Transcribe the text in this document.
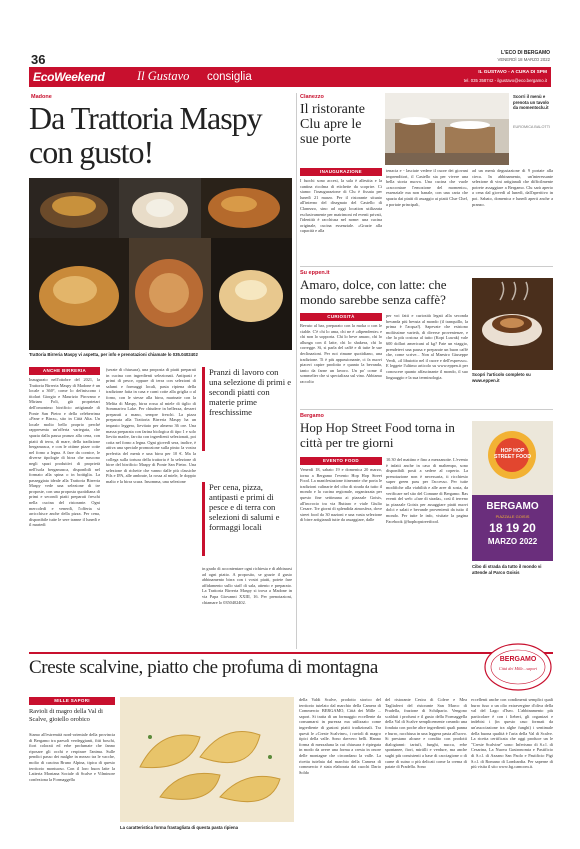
36	L'ECO DI BERGAMO
VENERDÌ 18 MARZO 2022
EcoWeekend	Il Gustavo consiglia	IL GUSTAVO - A CURA DI SPM
tel. 035 358742 - ilgustavo@eco.bergamo.it
Madone
Da Trattoria Maspy con gusto!
Trattoria Birreria Maspy vi aspetta, per info e prenotazioni chiamate lo 035.0402402
ANCHE BIRRERIA
Inaugurato nell'ottobre del 2021, la Trattoria Birreria Maspy di Madone è un locale a 360°, come lo definiscono i titolari Giorgio e Maurizio Pirovano e Miriam Foli, già proprietari dell'omonimo birrificio artigianale di Ponte San Pietro e della celeberrima «Pane e Birra», sito in Città Alta. Un locale molto bello proprio perché rappresenta un'offerta variegata, che spazia dalla pausa pranzo alla cena, con piatti di terra, di mare, della tradizione bergamasca, e con le ottime pizze cotte nel forno a legna. A fare da cornice, le diverse tipologie di birra che nascono negli spazi produttivi di proprietà nell'isola bergamasca, disponibili nel formato alla spina o in bottiglia. La passeggiata ideale alla Trattoria Birreria Maspy vede una selezione di tre proposte, con una proposta quotidiana di primi e secondi piatti preparati freschi nella cucina del ristorante. Ogni mercoledì e venerdì, l'offerta si arricchisce anche della pizza. Per cena, disponibile tutte le sere tranne il lunedì e il martedì
(serate di chiusura), una proposta di piatti preparati in cucina con ingredienti selezionati. Antipasti e primi di pesce, oppure di terra con selezioni di salumi e formaggi locali, pasta ripiena della tradizione fatta in casa e carni cotte alla griglia o al forno, con le stesse alla birra, marinate con la Melita di Maspy, birra rossa al miele di tiglio di Sommariva Lake. Per chiudere in bellezza, dessert preparati a mano, sempre freschi. La pizza preparata alla Trattoria Birreria Maspy ha un impasto leggero, lievitato per almeno 36 ore. Una massa preparata con farina biologica di tipo 1 e solo lievito madre, farcita con ingredienti selezionati, poi cotta nel forno a legna. Ogni giovedì sera, inoltre, è attiva una speciale promozione sulla pinta: la vostra preferita del menù e una birra per 10 €. Ma la collega sulla tortura della trattoria è la selezione di birre del birrificio Maspy di Ponte San Pietro. Una selezione di richette che vanno dalle più classiche Pils e IPA, alle ambrate, la rossa al miele, le doppio malto e la birra scura. Insomma, una selezione
Pranzi di lavoro con una selezione di primi e secondi piatti con materie prime freschissime
Per cena, pizza, antipasti e primi di pesce e di terra con selezioni di salumi e formaggi locali
in grado di accontentare ogni richiesta e di abbinarsi ad ogni piatto. A proposito, se grazie il gusto abbinamento birra con i vostri piatti, potete fare affidamento sullo staff di sala, attento e preparato. La Trattoria Birreria Maspy si trova a Madone in via Papa Giovanni XXIII, 16. Per prenotazioni, chiamare lo 0350402402.
Clanezzo
Il ristorante Clu apre le sue porte
Scorri il menù e prenota un tavolo da momentoclu.it
EUROMICA BALOTTI
INAUGURAZIONE
I fuochi sono accesi, la sala è allestita e la cantina ricolma di etichette da scoprire. Ci siamo: l'inaugurazione di Clu è fissata per lunedì 21 marzo. Per il ristorante situato all'interno del disegnato del Castello di Clanezzo, sino ad oggi location utilizzata esclusivamente per matrimoni ed eventi privati, l'identità è racchiusa nel nome: una cucina originale, cucina essenziale. «Grazie alla capacità e alla
tenacia e - lasciate vedere il cuore dei giovani imprenditori, il Castello sta per vivere una bella storia nuova. Una cucina che vuole «raccontare l'emozione del momento», essenziale ma non banale, con una carta che spazia dai piatti di assaggio ai piatti Clue Chef, a portate principali,
ad un menù degustazione di 9 portate alla cieca. In abbinamento, un'interessante selezione di vini artigianali che difficilmente potrete assaggiare a Bergamo. Clu sarà aperto a cena dal giovedì al lunedì, dall'aperitivo in poi. Sabato, domenica e lunedì aperti anche a pranzo.
Su eppen.it
Amaro, dolce, con latte: che mondo sarebbe senza caffè?
CURIOSITÀ
Bevuto al bar, preparato con la moka o con le cialde. C'è chi lo ama, chi ne è «dipendente» e chi non lo sopporta. Chi lo beve amaro, chi lo allunga con il latte, chi lo shakera, chi lo corregge. Sì, si parla del caffè e di tutte le sue declinazioni. Per noi rimane quotidiano, una tradizione. Ti è più appassionante, ci fa nuovi piaceri capire prodotto e quanto la bevanda, tanto da farne un lavoro. Un po' come il sommelier che si specializza sul vino. Abbiamo raccolto
per voi fatti e curiosità legati alla seconda bevanda più bevuta al mondo (il tranquillo, la prima è l'acqua!). Sapevate che esistono moltissime varietà, di diverse provenienze, e che la più costosa al tutto (Kopi Luwak) vale 600 dollari americani al kg? Fate un viaggio, prendetevi una pausa e preparate un buon caffè che, come scrive... Non al Maestro Giuseppe Verdi, «il libuiotto nel il cuore e dell'espresso». E leggete l'ultimo articolo su www.eppen.it per conoscere quanto affascinante il mondo, il suo linguaggio e la sua terminologia.
Scopri l'articolo completo su www.eppen.it
Bergamo
Hop Hop Street Food torna in città per tre giorni
EVENTO FOOD
Venerdì 18, sabato 19 e domenica 20 marzo, torna a Bergamo l'evento Hop Hop Street Food. La manifestazione itinerante che porta le tradizioni culinarie del cibo di strada da tutto il mondo e la cucina regionale, organizzata per questo fine settimana ai piazzale Goisis, all'incrocio tra via Buttaro e viale Giulio Cesare. Tre giorni di splendida atmosfera, dove street food da 30 nazioni e una vasta selezione di birre artigianali tutte da assaggiare, dalle
10.30 del mattino e fino a mezzanotte. L'evento è infatti anche in caso di maltempo, sono disponibili posti a sedere al coperto. La prenotazione non è necessaria, ti ricchiesto super green pass per l'accesso. Per tutte modifiche alla viabilità e alle aree di sosta, da verificare nel sito del Comune di Bergamo. Ras eventi del web: «fare di strada», così il terreno in piazzale Goisis per assaggiare piatti nuovi dolci e salati e bevande provenienti da tutto il mondo. Per tutte le info, visitate la pagina Facebook @hophopstreetfood.
HOP HOP STREET FOOD
BERGAMO
PIAZZALE GOISIS
18 19 20
MARZO 2022
Cibo di strada da tutto il mondo vi attende al Parco Goisis
Creste scalvine, piatto che profuma di montagna	BERGAMO
Città dei Mille...sapori
MILLE SAPORI
Ravioli di magro della Val di Scalve, gioiello orobico
Siamo all'estremità nord-orientale della provincia di Bergamo tra paesoli verdeggianti, fitti boschi, fiori colorati ed erbe profumate che fanno riposare gli occhi e respirare l'anima. Sulle pendici passo dei malghe in mezzo tra le vacche, molto di cascina Bruno Alpina, tipica di questo territorio montuoso. Con il loro buon latte la Latteria Montana Sociale di Scalve e Vilminore confeziona la Formaggella
La caratteristica forma frastagliata di questa pasta ripiena
della Valdi Scalve, prodotto storico del territorio tutelato dal marchio della Camera di Commercio BERGAMO, Città dei Mille ... sapori. Si tratta di un formaggio eccellente da consumarsi in purezza ma utilizzato come ingrediente di gustosi piatti tradizionali. Tra questi le «Creste Scalvine», i ravioli di magro tipici della valle. Sono davvero belli. Hanno forma di mezzaluna la cui chiusura è ripiegata in modo da avere una forma a cresta in onore delle montagne che circondano la valle. La ricetta tutelata dal marchio della Camera di commercio è stata elaborata dai cuochi Dario Soldo
del ristorante Cesira di Colere e Mea Tagliaferri del ristorante San Marco di Pradella, frazione di Schilpario. Vengono scaldati i profumi e il gusto della Formaggella della Val di Scalve semplicemente creando una fondata con poche altre ingredienti quali panna e burro, racchiusa in una leggera pasta all'uovo. Si prestano alcune e condito con prodotti dialogianni: tartufi, funghi, nucca, erbe spontanee, fiori, mirtilli e verdure, ma anche sughi più consistenti a base di cacciagione o di carne di suino o più delicati come la crema di patate di Pradella. Sono
eccellenti anche con condimenti semplici quali burro fuso o un olio extravergine d'oliva della val del Lago d'Iseo. L'abbinamento più particolare è con i lieberi, gli organizzi e indebisi i (in questo caso formati da un'associazione tra alghe funghi) i sentimale della buona qualità è l'aria della Val di Scalve. La ricetta certificata che oggi produce un le "Creste Scalvine" sono: Inferismo di S.r.l. di Cesarina, La Nuova Gastronomia e Pastificio di S.r.l. di Azzano San Paolo e Pastificio Pigi S.r.l. di Romano di Lombardia. Per saperne di più visita il sito www.bg.camcom.it.
